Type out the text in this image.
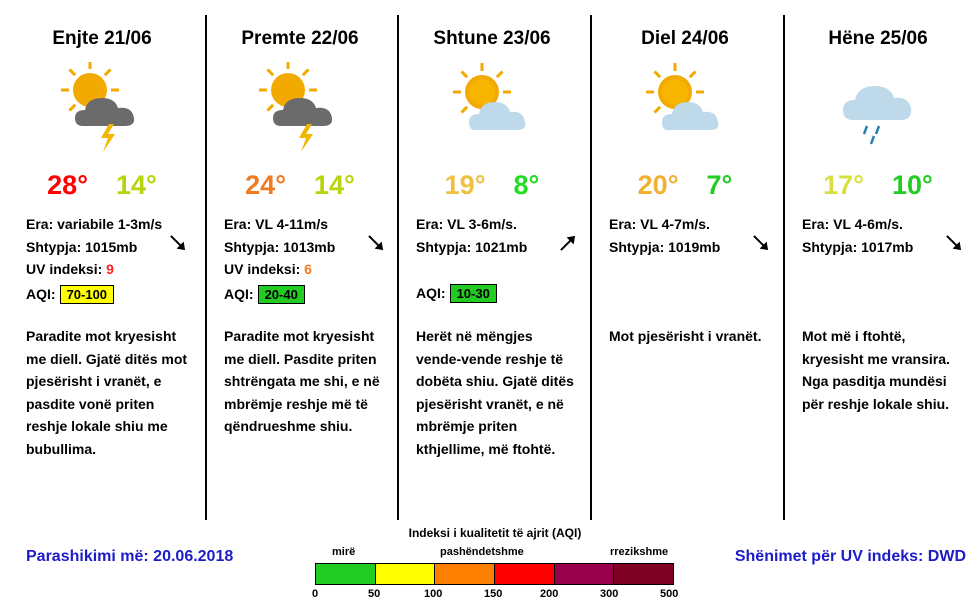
Enjte 21/06
28° 14°
Era: variabile 1-3m/s
Shtypja: 1015mb
UV indeksi: 9
AQI: 70-100
Paradite mot kryesisht me diell. Gjatë ditës mot pjesërisht i vranët, e pasdite vonë priten reshje lokale shiu me bubullima.
Premte 22/06
24° 14°
Era: VL 4-11m/s
Shtypja: 1013mb
UV indeksi: 6
AQI: 20-40
Paradite mot kryesisht me diell. Pasdite priten shtrëngata me shi, e në mbrëmje reshje më të qëndrueshme shiu.
Shtune 23/06
19° 8°
Era: VL 3-6m/s.
Shtypja: 1021mb
AQI: 10-30
Herët në mëngjes vende-vende reshje të dobëta shiu. Gjatë ditës pjesërisht vranët, e në mbrëmje priten kthjellime, më ftohtë.
Diel 24/06
20° 7°
Era: VL 4-7m/s.
Shtypja: 1019mb
Mot pjesërisht i vranët.
Hëne 25/06
17° 10°
Era: VL 4-6m/s.
Shtypja: 1017mb
Mot më i ftohtë, kryesisht me vransira. Nga pasditja mundësi për reshje lokale shiu.
Parashikimi më: 20.06.2018	Shënimet për UV indeks: DWD
Indeksi i kualitetit të ajrit (AQI)
mirë	pashëndetshme	rrezikshme
0	50	100	150	200	300	500
